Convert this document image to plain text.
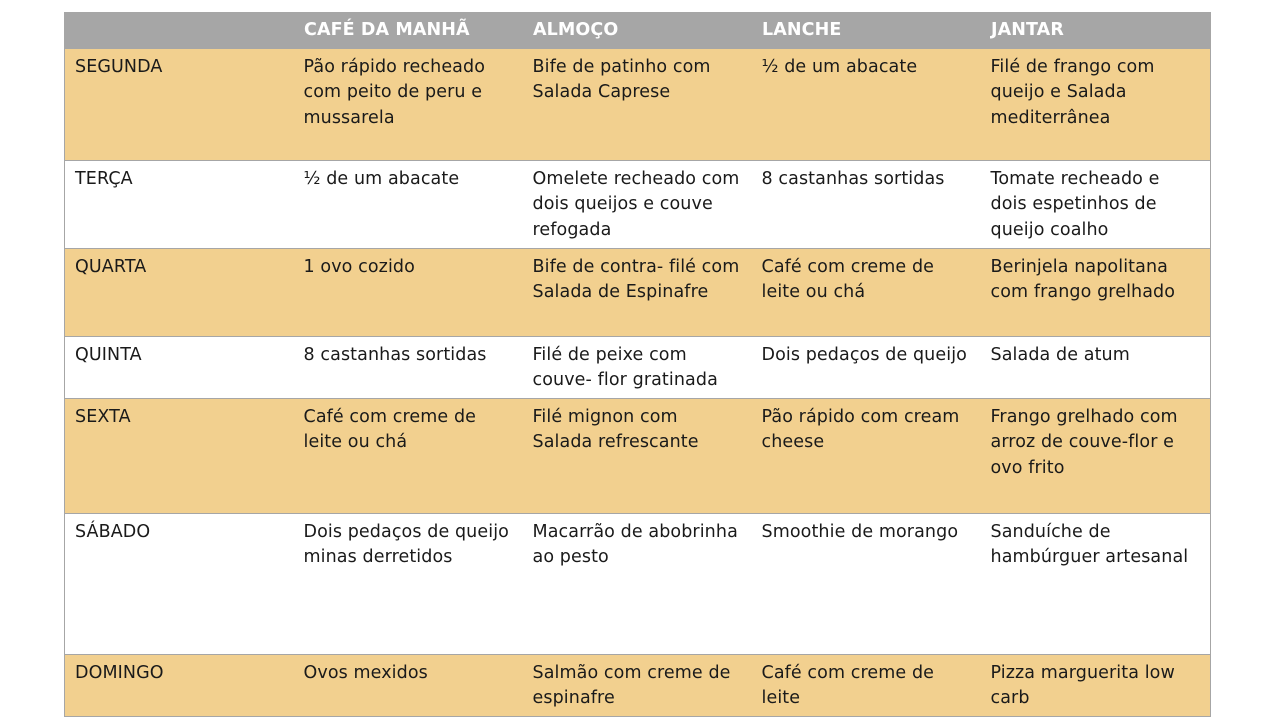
	CAFÉ DA MANHÃ	ALMOÇO	LANCHE	JANTAR
SEGUNDA	Pão rápido recheado com peito de peru e mussarela	Bife de patinho com Salada Caprese	½ de um abacate	Filé de frango com queijo e Salada mediterrânea
TERÇA	½ de um abacate	Omelete recheado com dois queijos e couve refogada	8 castanhas sortidas	Tomate recheado e dois espetinhos de queijo coalho
QUARTA	1 ovo cozido	Bife de contra- filé com Salada de Espinafre	Café com creme de leite ou chá	Berinjela napolitana com frango grelhado
QUINTA	8 castanhas sortidas	Filé de peixe com couve- flor gratinada	Dois pedaços de queijo	Salada de atum
SEXTA	Café com creme de leite ou chá	Filé mignon com Salada refrescante	Pão rápido com cream cheese	Frango grelhado com arroz de couve-flor e ovo frito
SÁBADO	Dois pedaços de queijo minas derretidos	Macarrão de abobrinha ao pesto	Smoothie de morango	Sanduíche de hambúrguer artesanal
DOMINGO	Ovos mexidos	Salmão com creme de espinafre	Café com creme de leite	Pizza marguerita low carb
